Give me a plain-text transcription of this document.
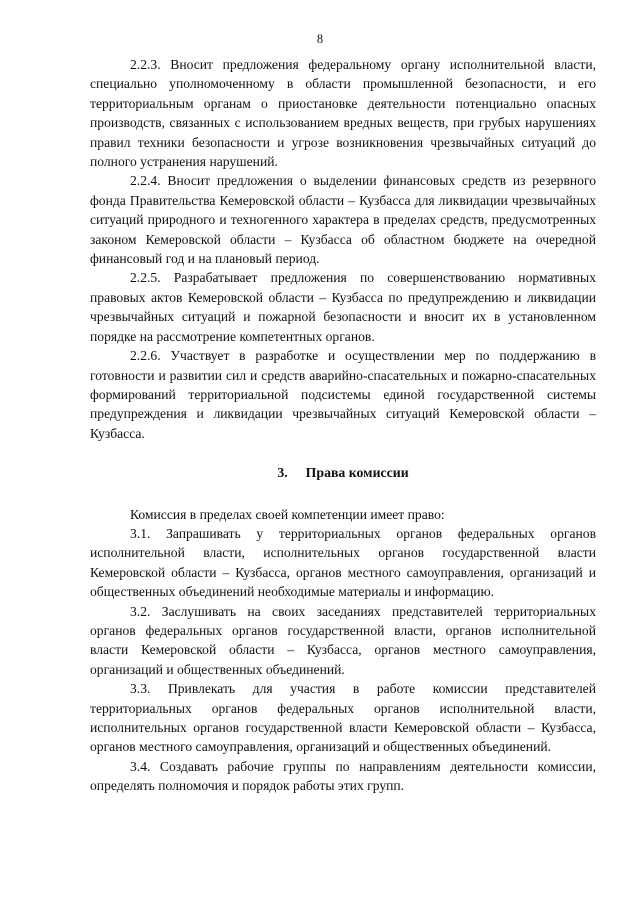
8

2.2.3. Вносит предложения федеральному органу исполнительной власти, специально уполномоченному в области промышленной безопасности, и его территориальным органам о приостановке деятельности потенциально опасных производств, связанных с использованием вредных веществ, при грубых нарушениях правил техники безопасности и угрозе возникновения чрезвычайных ситуаций до полного устранения нарушений.

2.2.4. Вносит предложения о выделении финансовых средств из резервного фонда Правительства Кемеровской области – Кузбасса для ликвидации чрезвычайных ситуаций природного и техногенного характера в пределах средств, предусмотренных законом Кемеровской области – Кузбасса об областном бюджете на очередной финансовый год и на плановый период.

2.2.5. Разрабатывает предложения по совершенствованию нормативных правовых актов Кемеровской области – Кузбасса по предупреждению и ликвидации чрезвычайных ситуаций и пожарной безопасности и вносит их в установленном порядке на рассмотрение компетентных органов.

2.2.6. Участвует в разработке и осуществлении мер по поддержанию в готовности и развитии сил и средств аварийно-спасательных и пожарно-спасательных формирований территориальной подсистемы единой государственной системы предупреждения и ликвидации чрезвычайных ситуаций Кемеровской области – Кузбасса.

3. Права комиссии

Комиссия в пределах своей компетенции имеет право:

3.1. Запрашивать у территориальных органов федеральных органов исполнительной власти, исполнительных органов государственной власти Кемеровской области – Кузбасса, органов местного самоуправления, организаций и общественных объединений необходимые материалы и информацию.

3.2. Заслушивать на своих заседаниях представителей территориальных органов федеральных органов государственной власти, органов исполнительной власти Кемеровской области – Кузбасса, органов местного самоуправления, организаций и общественных объединений.

3.3. Привлекать для участия в работе комиссии представителей территориальных органов федеральных органов исполнительной власти, исполнительных органов государственной власти Кемеровской области – Кузбасса, органов местного самоуправления, организаций и общественных объединений.

3.4. Создавать рабочие группы по направлениям деятельности комиссии, определять полномочия и порядок работы этих групп.
